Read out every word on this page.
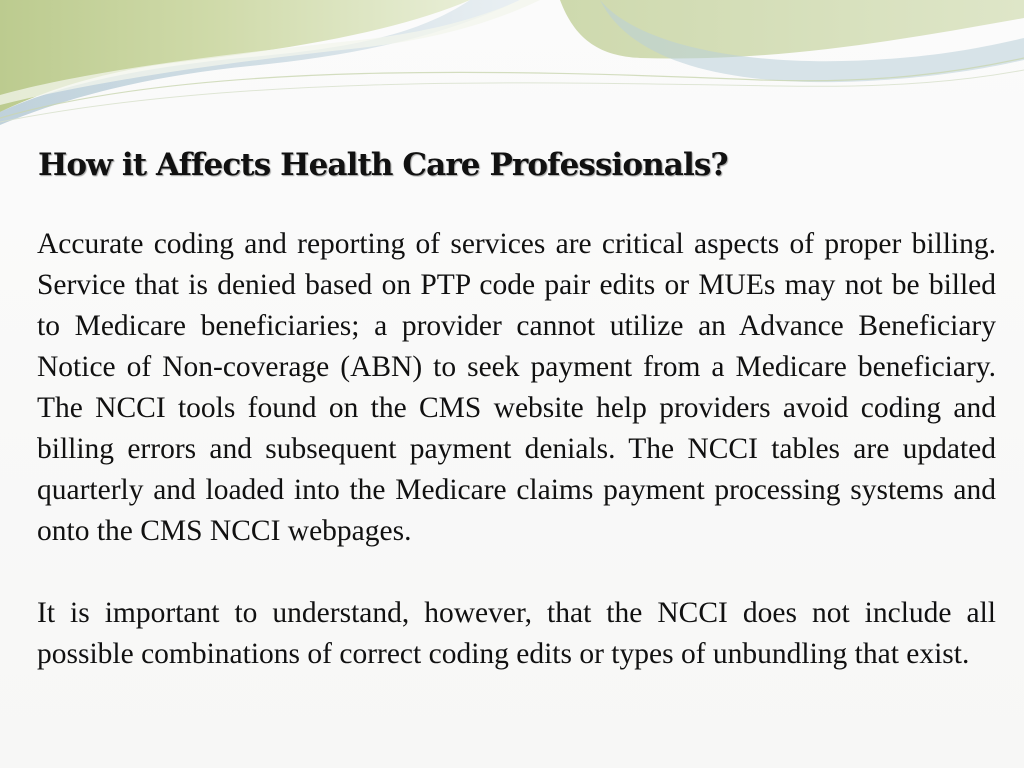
How it Affects Health Care Professionals?

Accurate coding and reporting of services are critical aspects of proper billing. Service that is denied based on PTP code pair edits or MUEs may not be billed to Medicare beneficiaries; a provider cannot utilize an Advance Beneficiary Notice of Non-coverage (ABN) to seek payment from a Medicare beneficiary. The NCCI tools found on the CMS website help providers avoid coding and billing errors and subsequent payment denials. The NCCI tables are updated quarterly and loaded into the Medicare claims payment processing systems and onto the CMS NCCI webpages.

It is important to understand, however, that the NCCI does not include all possible combinations of correct coding edits or types of unbundling that exist.
